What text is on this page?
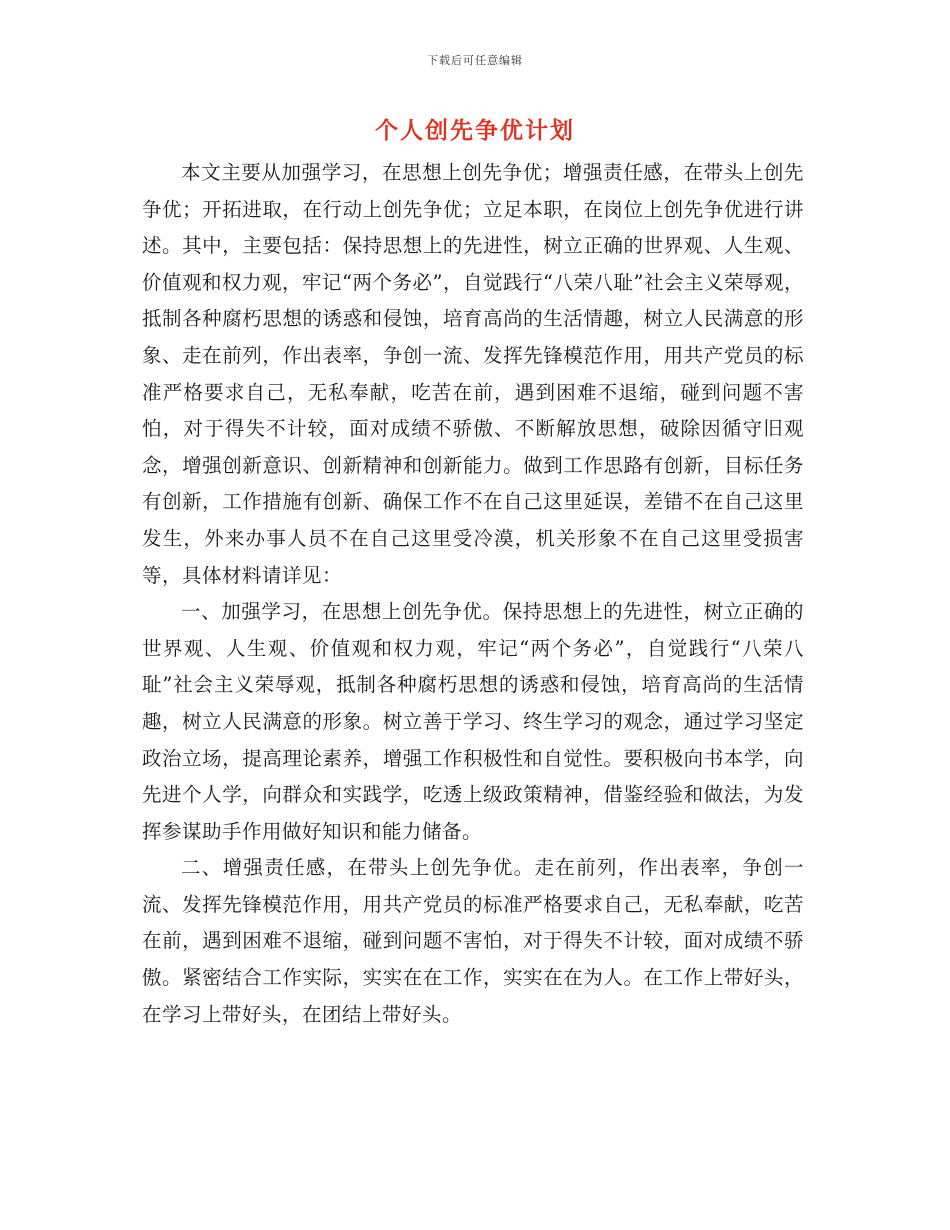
下载后可任意编辑
个人创先争优计划

本文主要从加强学习，在思想上创先争优；增强责任感，在带头上创先争优；开拓进取，在行动上创先争优；立足本职，在岗位上创先争优进行讲述。其中，主要包括：保持思想上的先进性，树立正确的世界观、人生观、价值观和权力观，牢记“两个务必”，自觉践行“八荣八耻”社会主义荣辱观，抵制各种腐朽思想的诱惑和侵蚀，培育高尚的生活情趣，树立人民满意的形象、走在前列，作出表率，争创一流、发挥先锋模范作用，用共产党员的标准严格要求自己，无私奉献，吃苦在前，遇到困难不退缩，碰到问题不害怕，对于得失不计较，面对成绩不骄傲、不断解放思想，破除因循守旧观念，增强创新意识、创新精神和创新能力。做到工作思路有创新，目标任务有创新，工作措施有创新、确保工作不在自己这里延误，差错不在自己这里发生，外来办事人员不在自己这里受冷漠，机关形象不在自己这里受损害等，具体材料请详见：

一、加强学习，在思想上创先争优。保持思想上的先进性，树立正确的世界观、人生观、价值观和权力观，牢记“两个务必”，自觉践行“八荣八耻”社会主义荣辱观，抵制各种腐朽思想的诱惑和侵蚀，培育高尚的生活情趣，树立人民满意的形象。树立善于学习、终生学习的观念，通过学习坚定政治立场，提高理论素养，增强工作积极性和自觉性。要积极向书本学，向先进个人学，向群众和实践学，吃透上级政策精神，借鉴经验和做法，为发挥参谋助手作用做好知识和能力储备。

二、增强责任感，在带头上创先争优。走在前列，作出表率，争创一流、发挥先锋模范作用，用共产党员的标准严格要求自己，无私奉献，吃苦在前，遇到困难不退缩，碰到问题不害怕，对于得失不计较，面对成绩不骄傲。紧密结合工作实际，实实在在工作，实实在在为人。在工作上带好头，在学习上带好头，在团结上带好头。
